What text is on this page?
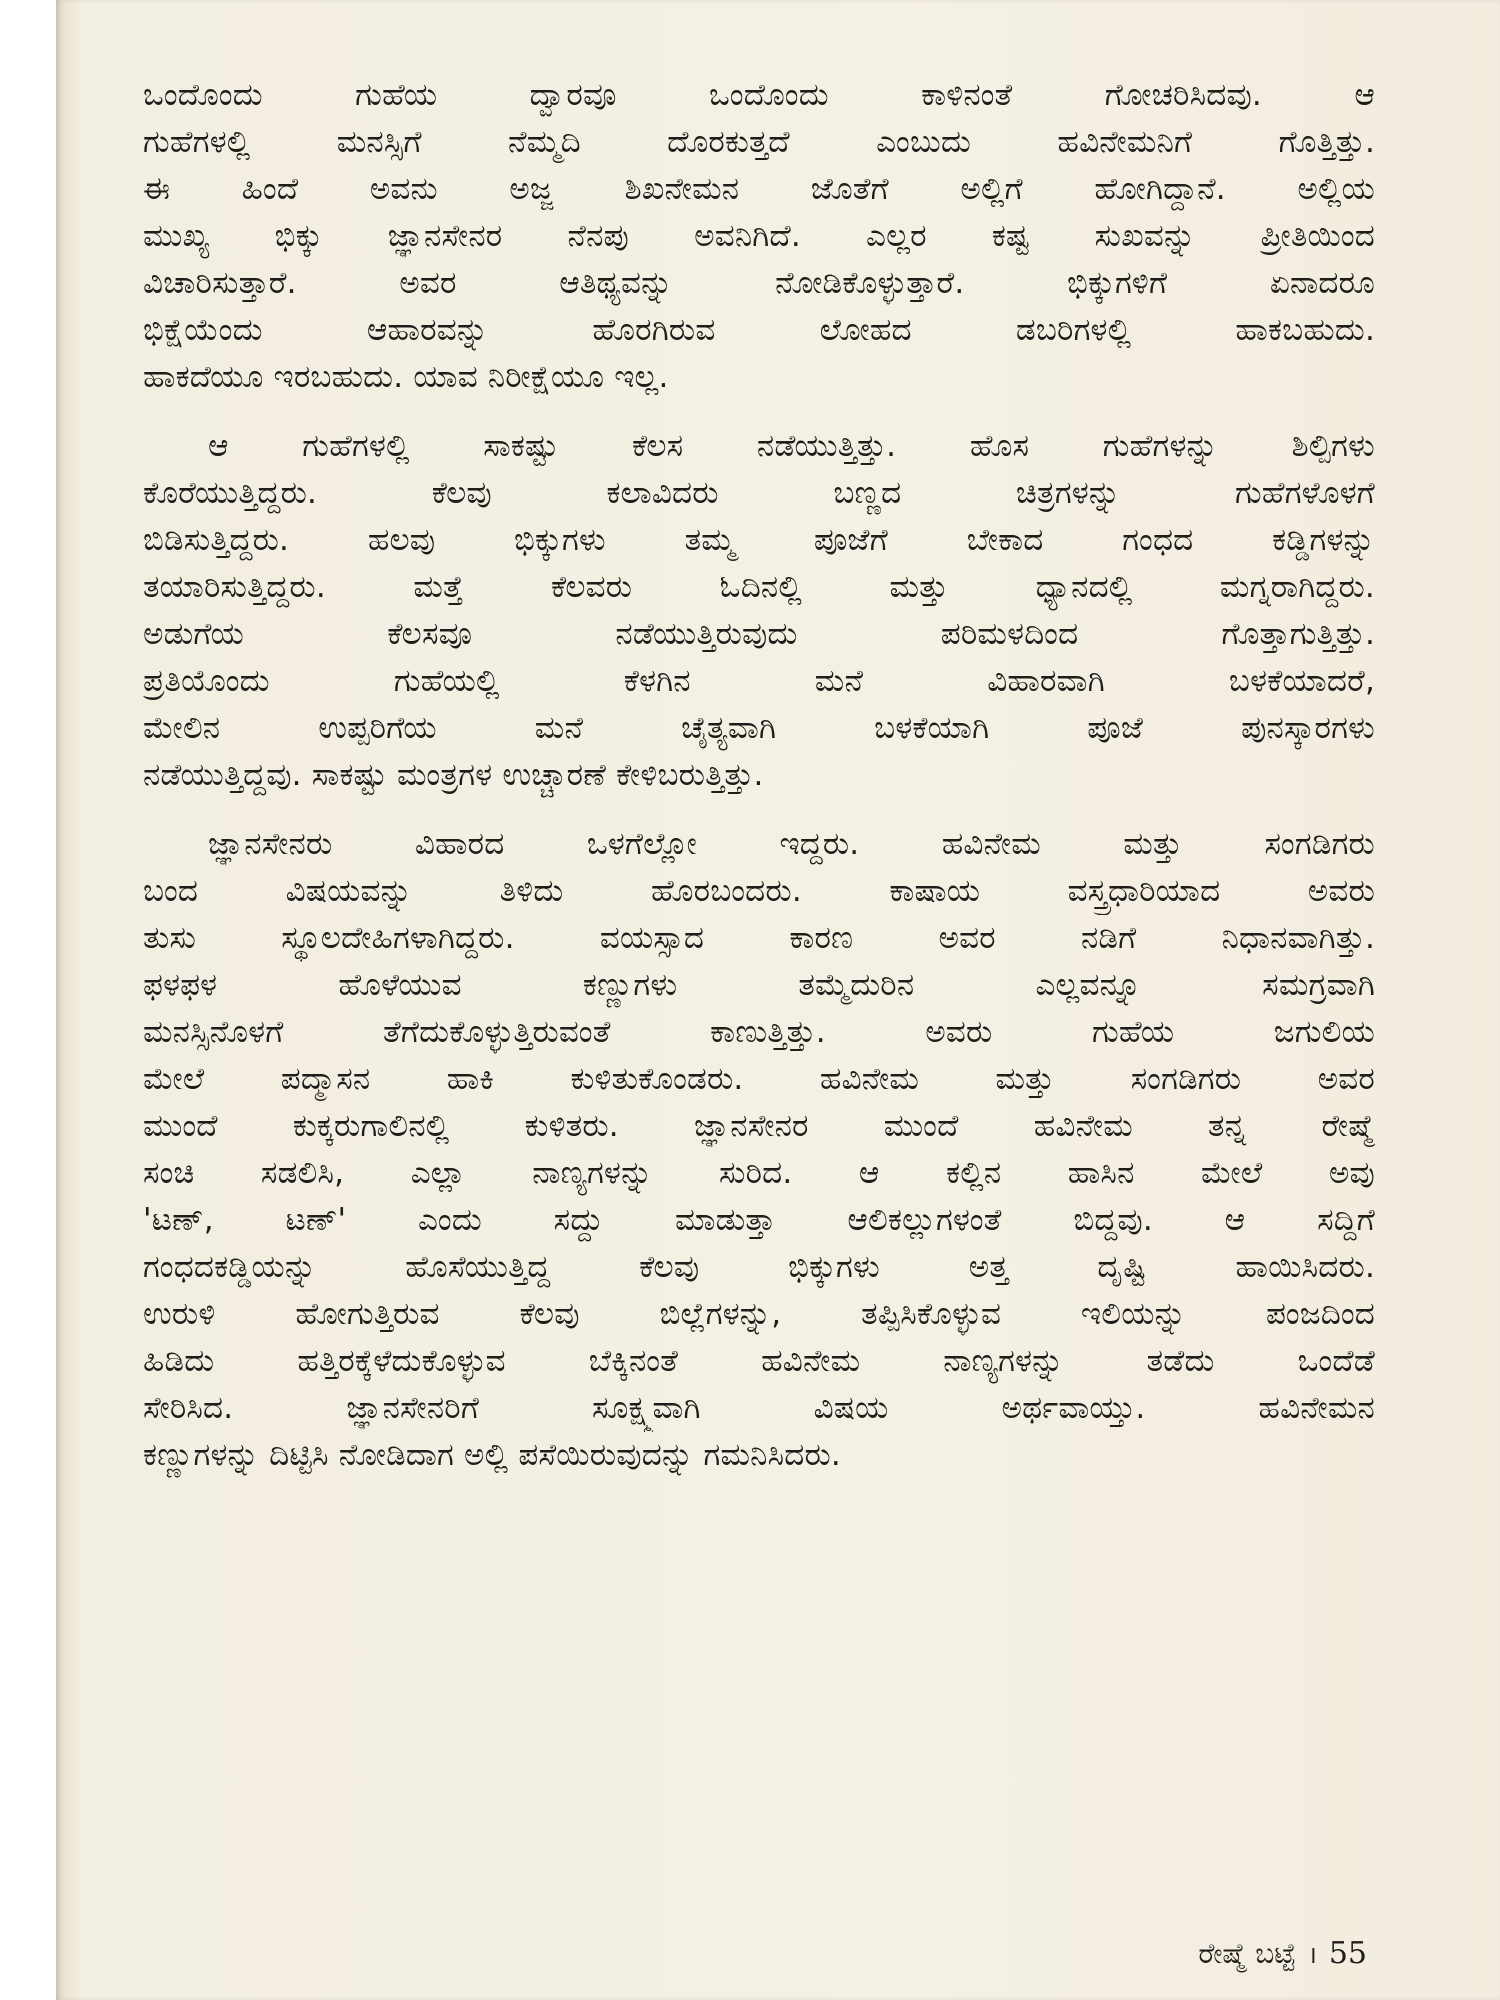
ಒಂದೊಂದು ಗುಹೆಯ ದ್ವಾರವೂ ಒಂದೊಂದು ಕಾಳಿನಂತೆ ಗೋಚರಿಸಿದವು. ಆ
ಗುಹೆಗಳಲ್ಲಿ ಮನಸ್ಸಿಗೆ ನೆಮ್ಮದಿ ದೊರಕುತ್ತದೆ ಎಂಬುದು ಹವಿನೇಮನಿಗೆ ಗೊತ್ತಿತ್ತು.
ಈ ಹಿಂದೆ ಅವನು ಅಜ್ಜ ಶಿಖನೇಮನ ಜೊತೆಗೆ ಅಲ್ಲಿಗೆ ಹೋಗಿದ್ದಾನೆ. ಅಲ್ಲಿಯ
ಮುಖ್ಯ ಭಿಕ್ಕು ಜ್ಞಾನಸೇನರ ನೆನಪು ಅವನಿಗಿದೆ. ಎಲ್ಲರ ಕಷ್ಟ ಸುಖವನ್ನು ಪ್ರೀತಿಯಿಂದ
ವಿಚಾರಿಸುತ್ತಾರೆ. ಅವರ ಆತಿಥ್ಯವನ್ನು ನೋಡಿಕೊಳ್ಳುತ್ತಾರೆ. ಭಿಕ್ಕುಗಳಿಗೆ ಏನಾದರೂ
ಭಿಕ್ಷೆಯೆಂದು ಆಹಾರವನ್ನು ಹೊರಗಿರುವ ಲೋಹದ ಡಬರಿಗಳಲ್ಲಿ ಹಾಕಬಹುದು.
ಹಾಕದೆಯೂ ಇರಬಹುದು. ಯಾವ ನಿರೀಕ್ಷೆಯೂ ಇಲ್ಲ.

ಆ ಗುಹೆಗಳಲ್ಲಿ ಸಾಕಷ್ಟು ಕೆಲಸ ನಡೆಯುತ್ತಿತ್ತು. ಹೊಸ ಗುಹೆಗಳನ್ನು ಶಿಲ್ಪಿಗಳು
ಕೊರೆಯುತ್ತಿದ್ದರು. ಕೆಲವು ಕಲಾವಿದರು ಬಣ್ಣದ ಚಿತ್ರಗಳನ್ನು ಗುಹೆಗಳೊಳಗೆ
ಬಿಡಿಸುತ್ತಿದ್ದರು. ಹಲವು ಭಿಕ್ಕುಗಳು ತಮ್ಮ ಪೂಜೆಗೆ ಬೇಕಾದ ಗಂಧದ ಕಡ್ಡಿಗಳನ್ನು
ತಯಾರಿಸುತ್ತಿದ್ದರು. ಮತ್ತೆ ಕೆಲವರು ಓದಿನಲ್ಲಿ ಮತ್ತು ಧ್ಯಾನದಲ್ಲಿ ಮಗ್ನರಾಗಿದ್ದರು.
ಅಡುಗೆಯ ಕೆಲಸವೂ ನಡೆಯುತ್ತಿರುವುದು ಪರಿಮಳದಿಂದ ಗೊತ್ತಾಗುತ್ತಿತ್ತು.
ಪ್ರತಿಯೊಂದು ಗುಹೆಯಲ್ಲಿ ಕೆಳಗಿನ ಮನೆ ವಿಹಾರವಾಗಿ ಬಳಕೆಯಾದರೆ,
ಮೇಲಿನ ಉಪ್ಪರಿಗೆಯ ಮನೆ ಚೈತ್ಯವಾಗಿ ಬಳಕೆಯಾಗಿ ಪೂಜೆ ಪುನಸ್ಕಾರಗಳು
ನಡೆಯುತ್ತಿದ್ದವು. ಸಾಕಷ್ಟು ಮಂತ್ರಗಳ ಉಚ್ಚಾರಣೆ ಕೇಳಿಬರುತ್ತಿತ್ತು.

ಜ್ಞಾನಸೇನರು ವಿಹಾರದ ಒಳಗೆಲ್ಲೋ ಇದ್ದರು. ಹವಿನೇಮ ಮತ್ತು ಸಂಗಡಿಗರು
ಬಂದ ವಿಷಯವನ್ನು ತಿಳಿದು ಹೊರಬಂದರು. ಕಾಷಾಯ ವಸ್ತ್ರಧಾರಿಯಾದ ಅವರು
ತುಸು ಸ್ಥೂಲದೇಹಿಗಳಾಗಿದ್ದರು. ವಯಸ್ಸಾದ ಕಾರಣ ಅವರ ನಡಿಗೆ ನಿಧಾನವಾಗಿತ್ತು.
ಫಳಫಳ ಹೊಳೆಯುವ ಕಣ್ಣುಗಳು ತಮ್ಮೆದುರಿನ ಎಲ್ಲವನ್ನೂ ಸಮಗ್ರವಾಗಿ
ಮನಸ್ಸಿನೊಳಗೆ ತೆಗೆದುಕೊಳ್ಳುತ್ತಿರುವಂತೆ ಕಾಣುತ್ತಿತ್ತು. ಅವರು ಗುಹೆಯ ಜಗುಲಿಯ
ಮೇಲೆ ಪದ್ಮಾಸನ ಹಾಕಿ ಕುಳಿತುಕೊಂಡರು. ಹವಿನೇಮ ಮತ್ತು ಸಂಗಡಿಗರು ಅವರ
ಮುಂದೆ ಕುಕ್ಕರುಗಾಲಿನಲ್ಲಿ ಕುಳಿತರು. ಜ್ಞಾನಸೇನರ ಮುಂದೆ ಹವಿನೇಮ ತನ್ನ ರೇಷ್ಮೆ
ಸಂಚಿ ಸಡಲಿಸಿ, ಎಲ್ಲಾ ನಾಣ್ಯಗಳನ್ನು ಸುರಿದ. ಆ ಕಲ್ಲಿನ ಹಾಸಿನ ಮೇಲೆ ಅವು
'ಟಣ್, ಟಣ್' ಎಂದು ಸದ್ದು ಮಾಡುತ್ತಾ ಆಲಿಕಲ್ಲುಗಳಂತೆ ಬಿದ್ದವು. ಆ ಸದ್ದಿಗೆ
ಗಂಧದಕಡ್ಡಿಯನ್ನು ಹೊಸೆಯುತ್ತಿದ್ದ ಕೆಲವು ಭಿಕ್ಕುಗಳು ಅತ್ತ ದೃಷ್ಟಿ ಹಾಯಿಸಿದರು.
ಉರುಳಿ ಹೋಗುತ್ತಿರುವ ಕೆಲವು ಬಿಲ್ಲೆಗಳನ್ನು, ತಪ್ಪಿಸಿಕೊಳ್ಳುವ ಇಲಿಯನ್ನು ಪಂಜದಿಂದ
ಹಿಡಿದು ಹತ್ತಿರಕ್ಕೆಳೆದುಕೊಳ್ಳುವ ಬೆಕ್ಕಿನಂತೆ ಹವಿನೇಮ ನಾಣ್ಯಗಳನ್ನು ತಡೆದು ಒಂದೆಡೆ
ಸೇರಿಸಿದ. ಜ್ಞಾನಸೇನರಿಗೆ ಸೂಕ್ಷ್ಮವಾಗಿ ವಿಷಯ ಅರ್ಥವಾಯ್ತು. ಹವಿನೇಮನ
ಕಣ್ಣುಗಳನ್ನು ದಿಟ್ಟಿಸಿ ನೋಡಿದಾಗ ಅಲ್ಲಿ ಪಸೆಯಿರುವುದನ್ನು ಗಮನಿಸಿದರು.

ರೇಷ್ಮೆ ಬಟ್ಟೆ । 55
